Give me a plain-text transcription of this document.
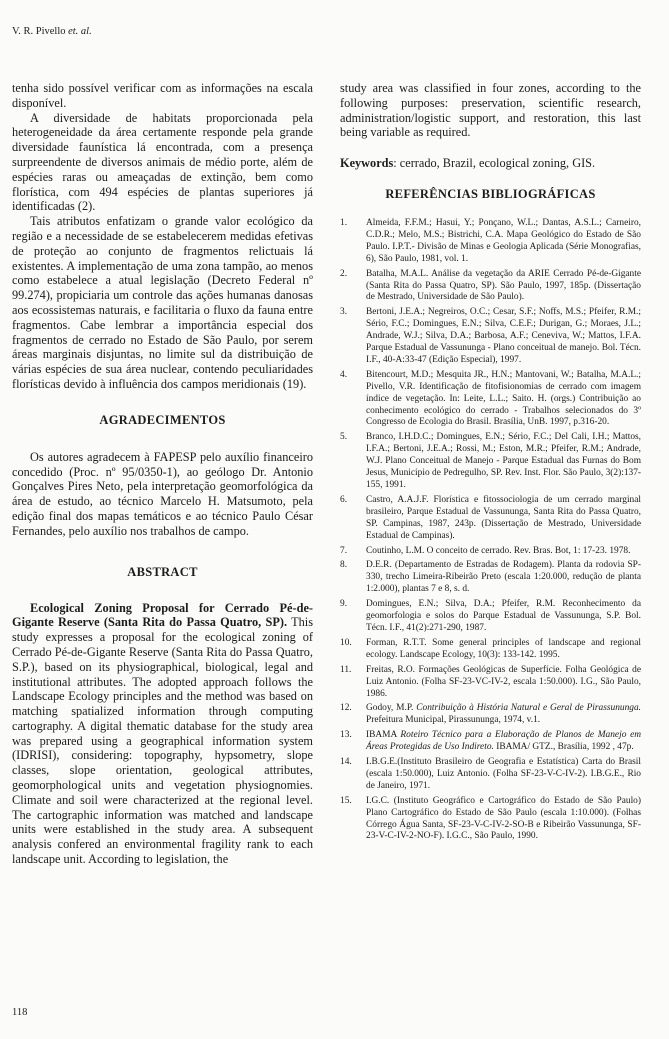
V. R. Pivello et. al.

tenha sido possível verificar com as informações na escala disponível.

A diversidade de habitats proporcionada pela heterogeneidade da área certamente responde pela grande diversidade faunística lá encontrada, com a presença surpreendente de diversos animais de médio porte, além de espécies raras ou ameaçadas de extinção, bem como florística, com 494 espécies de plantas superiores já identificadas (2).

Tais atributos enfatizam o grande valor ecológico da região e a necessidade de se estabelecerem medidas efetivas de proteção ao conjunto de fragmentos relictuais lá existentes. A implementação de uma zona tampão, ao menos como estabelece a atual legislação (Decreto Federal nº 99.274), propiciaria um controle das ações humanas danosas aos ecossistemas naturais, e facilitaria o fluxo da fauna entre fragmentos. Cabe lembrar a importância especial dos fragmentos de cerrado no Estado de São Paulo, por serem áreas marginais disjuntas, no limite sul da distribuição de várias espécies de sua área nuclear, contendo peculiaridades florísticas devido à influência dos campos meridionais (19).

AGRADECIMENTOS

Os autores agradecem à FAPESP pelo auxílio financeiro concedido (Proc. nº 95/0350-1), ao geólogo Dr. Antonio Gonçalves Pires Neto, pela interpretação geomorfológica da área de estudo, ao técnico Marcelo H. Matsumoto, pela edição final dos mapas temáticos e ao técnico Paulo César Fernandes, pelo auxílio nos trabalhos de campo.

ABSTRACT

Ecological Zoning Proposal for Cerrado Pé-de-Gigante Reserve (Santa Rita do Passa Quatro, SP). This study expresses a proposal for the ecological zoning of Cerrado Pé-de-Gigante Reserve (Santa Rita do Passa Quatro, S.P.), based on its physiographical, biological, legal and institutional attributes. The adopted approach follows the Landscape Ecology principles and the method was based on matching spatialized information through computing cartography. A digital thematic database for the study area was prepared using a geographical information system (IDRISI), considering: topography, hypsometry, slope classes, slope orientation, geological attributes, geomorphological units and vegetation physiognomies. Climate and soil were characterized at the regional level. The cartographic information was matched and landscape units were established in the study area. A subsequent analysis confered an environmental fragility rank to each landscape unit. According to legislation, the

study area was classified in four zones, according to the following purposes: preservation, scientific research, administration/logistic support, and restoration, this last being variable as required.

Keywords: cerrado, Brazil, ecological zoning, GIS.

REFERÊNCIAS BIBLIOGRÁFICAS
1.	Almeida, F.F.M.; Hasui, Y.; Ponçano, W.L.; Dantas, A.S.L.; Carneiro, C.D.R.; Melo, M.S.; Bistrichi, C.A. Mapa Geológico do Estado de São Paulo. I.P.T.- Divisão de Minas e Geologia Aplicada (Série Monografias, 6), São Paulo, 1981, vol. 1.
2.	Batalha, M.A.L. Análise da vegetação da ARIE Cerrado Pé-de-Gigante (Santa Rita do Passa Quatro, SP). São Paulo, 1997, 185p. (Dissertação de Mestrado, Universidade de São Paulo).
3.	Bertoni, J.E.A.; Negreiros, O.C.; Cesar, S.F.; Noffs, M.S.; Pfeifer, R.M.; Sério, F.C.; Domingues, E.N.; Silva, C.E.F.; Durigan, G.; Moraes, J.L.; Andrade, W.J.; Silva, D.A.; Barbosa, A.F.; Ceneviva, W.; Mattos, I.F.A. Parque Estadual de Vassununga - Plano conceitual de manejo. Bol. Técn. I.F., 40-A:33-47 (Edição Especial), 1997.
4.	Bitencourt, M.D.; Mesquita JR., H.N.; Mantovani, W.; Batalha, M.A.L.; Pivello, V.R. Identificação de fitofisionomias de cerrado com imagem índice de vegetação. In: Leite, L.L.; Saito. H. (orgs.) Contribuição ao conhecimento ecológico do cerrado - Trabalhos selecionados do 3º Congresso de Ecologia do Brasil. Brasília, UnB. 1997, p.316-20.
5.	Branco, I.H.D.C.; Domingues, E.N.; Sério, F.C.; Del Cali, I.H.; Mattos, I.F.A.; Bertoni, J.E.A.; Rossi, M.; Eston, M.R.; Pfeifer, R.M.; Andrade, W.J. Plano Conceitual de Manejo - Parque Estadual das Furnas do Bom Jesus, Município de Pedregulho, SP. Rev. Inst. Flor. São Paulo, 3(2):137-155, 1991.
6.	Castro, A.A.J.F. Florística e fitossociologia de um cerrado marginal brasileiro, Parque Estadual de Vassununga, Santa Rita do Passa Quatro, SP. Campinas, 1987, 243p. (Dissertação de Mestrado, Universidade Estadual de Campinas).
7.	Coutinho, L.M. O conceito de cerrado. Rev. Bras. Bot, 1: 17-23. 1978.
8.	D.E.R. (Departamento de Estradas de Rodagem). Planta da rodovia SP-330, trecho Limeira-Ribeirão Preto (escala 1:20.000, redução de planta 1:2.000), plantas 7 e 8, s. d.
9.	Domingues, E.N.; Silva, D.A.; Pfeifer, R.M. Reconhecimento da geomorfologia e solos do Parque Estadual de Vassununga, S.P. Bol. Técn. I.F., 41(2):271-290, 1987.
10.	Forman, R.T.T. Some general principles of landscape and regional ecology. Landscape Ecology, 10(3): 133-142. 1995.
11.	Freitas, R.O. Formações Geológicas de Superfície. Folha Geológica de Luiz Antonio. (Folha SF-23-VC-IV-2, escala 1:50.000). I.G., São Paulo, 1986.
12.	Godoy, M.P. Contribuição à História Natural e Geral de Pirassununga. Prefeitura Municipal, Pirassununga, 1974, v.1.
13.	IBAMA Roteiro Técnico para a Elaboração de Planos de Manejo em Áreas Protegidas de Uso Indireto. IBAMA/ GTZ., Brasília, 1992 , 47p.
14.	I.B.G.E.(Instituto Brasileiro de Geografia e Estatística) Carta do Brasil (escala 1:50.000), Luiz Antonio. (Folha SF-23-V-C-IV-2). I.B.G.E., Rio de Janeiro, 1971.
15.	I.G.C. (Instituto Geográfico e Cartográfico do Estado de São Paulo) Plano Cartográfico do Estado de São Paulo (escala 1:10.000). (Folhas Córrego Água Santa, SF-23-V-C-IV-2-SO-B e Ribeirão Vassununga, SF-23-V-C-IV-2-NO-F). I.G.C., São Paulo, 1990.
118
